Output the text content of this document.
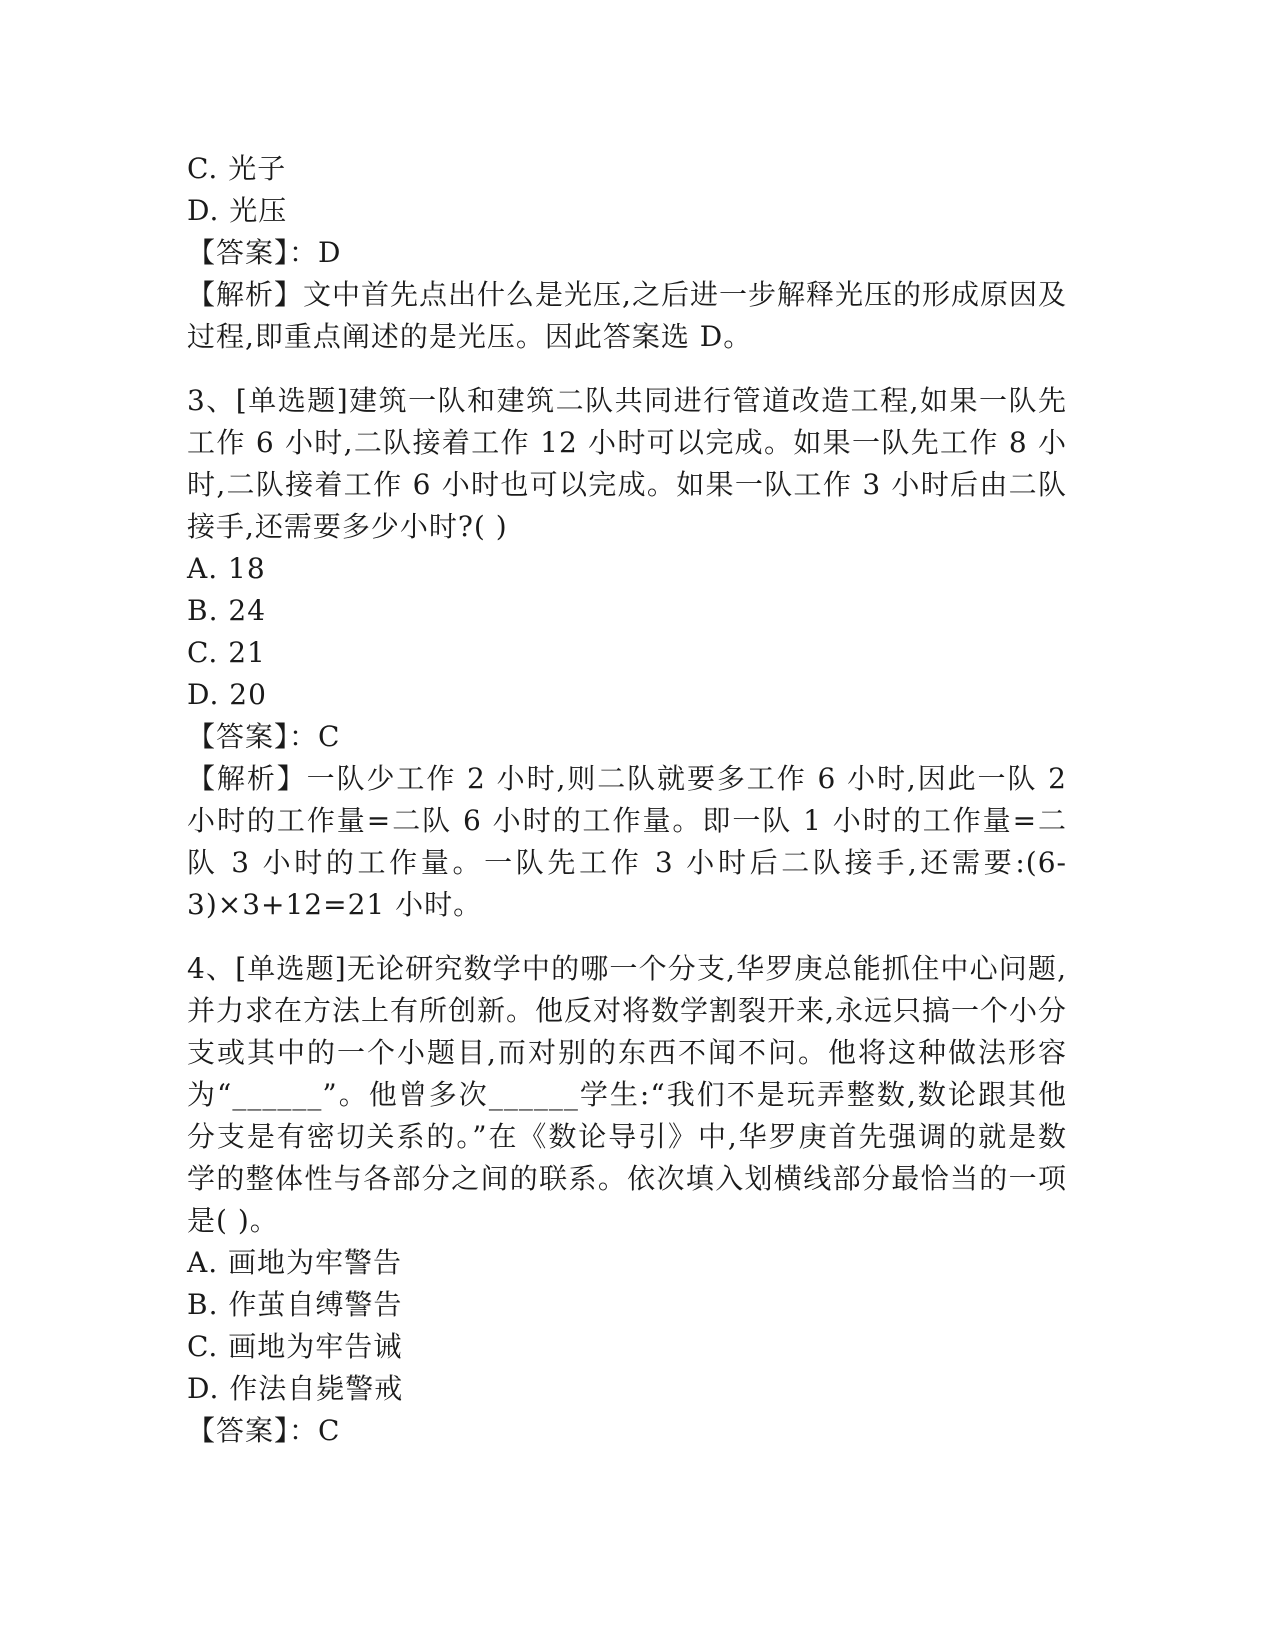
C. 光子
D. 光压
【答案】：D
【解析】文中首先点出什么是光压,之后进一步解释光压的形成原因及过程,即重点阐述的是光压。因此答案选 D。
3、[单选题]建筑一队和建筑二队共同进行管道改造工程,如果一队先工作 6 小时,二队接着工作 12 小时可以完成。如果一队先工作 8 小时,二队接着工作 6 小时也可以完成。如果一队工作 3 小时后由二队接手,还需要多少小时?( )
A. 18
B. 24
C. 21
D. 20
【答案】：C
【解析】一队少工作 2 小时,则二队就要多工作 6 小时,因此一队 2 小时的工作量=二队 6 小时的工作量。即一队 1 小时的工作量=二队 3 小时的工作量。一队先工作 3 小时后二队接手,还需要:(6-3)×3+12=21 小时。
4、[单选题]无论研究数学中的哪一个分支,华罗庚总能抓住中心问题,并力求在方法上有所创新。他反对将数学割裂开来,永远只搞一个小分支或其中的一个小题目,而对别的东西不闻不问。他将这种做法形容为“______”。他曾多次______学生:“我们不是玩弄整数,数论跟其他分支是有密切关系的。”在《数论导引》中,华罗庚首先强调的就是数学的整体性与各部分之间的联系。依次填入划横线部分最恰当的一项是( )。
A. 画地为牢警告
B. 作茧自缚警告
C. 画地为牢告诫
D. 作法自毙警戒
【答案】：C
